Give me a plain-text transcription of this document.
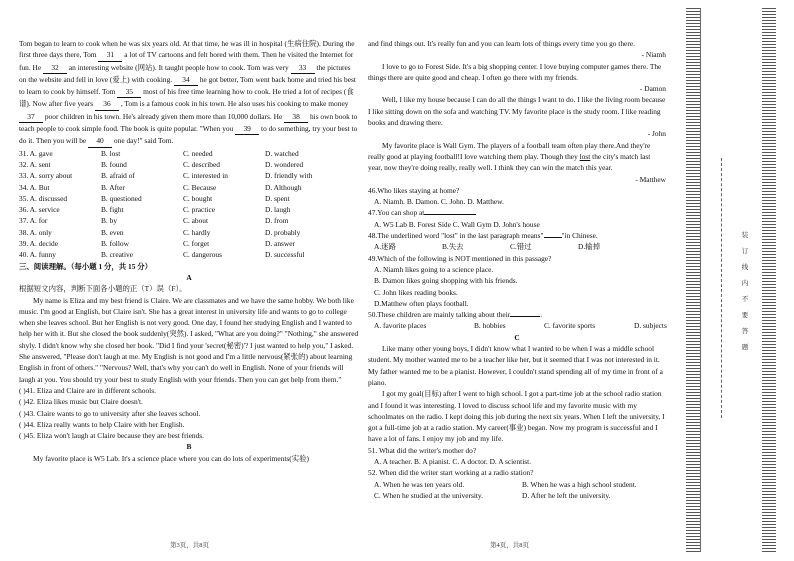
Tom began to learn to cook when he was six years old. At that time, he was ill in hospital (生病住院). During the first three days there, Tom 31 a lot of TV cartoons and felt bored with them. Then he visited the Internet for fun. He 32 an interesting website (网站). It taught people how to cook. Tom was very 33 the pictures on the website and fell in love (爱上) with cooking. 34 he got better, Tom went back home and tried his best to learn to cook by himself. Tom 35 most of his free time learning how to cook. He tried a lot of recipes (食谱). Now after five years 36 , Tom is a famous cook in his town. He also uses his cooking to make money 37 poor children in his town. He's already given them more than 10,000 dollars. He 38 his own book to teach people to cook simple food. The book is quite popular. "When you 39 to do something, try your best to do it. Then you will be 40 one day!" said Tom.

31. A. gave	B. lost	C. needed	D. watched
32. A. sent	B. found	C. described	D. wondered
33. A. sorry about	B. afraid of	C. interested in	D. friendly with
34. A. But	B. After	C. Because	D. Although
35. A. discussed	B. questioned	C. bought	D. spent
36. A. service	B. fight	C. practice	D. laugh
37. A. for	B. by	C. about	D. from
38. A. only	B. even	C. hardly	D. probably
39. A. decide	B. follow	C. forget	D. answer
40. A. funny	B. creative	C. dangerous	D. successful

三、阅读理解。（每小题 1 分，共 15 分）

A

根据短文内容，判断下面各小题的正（T）误（F）。

My name is Eliza and my best friend is Claire. We are classmates and we have the same hobby. We both like music. I'm good at English, but Claire isn't. She has a great interest in university life and wants to go to college when she leaves school. But her English is not very good. One day, I found her studying English and I wanted to help her with it. But she closed the book suddenly(突然). I asked, "What are you doing?" "Nothing," she answered shyly. I didn't know why she closed her book. "Did I find your 'secret(秘密)'? I just wanted to help you," I asked. She answered, "Please don't laugh at me. My English is not good and I'm a little nervous(紧张的) about learning English in front of others." "Nervous? Well, that's why you can't do well in English. None of your friends will laugh at you. You should try your best to study English with your friends. Then you can get help from them."

( )41. Eliza and Claire are in different schools.

( )42. Eliza likes music but Claire doesn't.

( )43. Claire wants to go to university after she leaves school.

( )44. Eliza really wants to help Claire with her English.

( )45. Eliza won't laugh at Claire because they are best friends.

B

My favorite place is W5 Lab. It's a science place where you can do lots of experiments(实验)

第3页，共8页

and find things out. It's really fun and you can learn lots of things every time you go there.

- Niamh

I love to go to Forest Side. It's a big shopping center. I love buying computer games there. The things there are quite good and cheap. I often go there with my friends.

- Damon

Well, I like my house because I can do all the things I want to do. I like the living room because I like sitting down on the sofa and watching TV. My favorite place is the study room. I like reading books and drawing there.

- John

My favorite place is Wall Gym. The players of a football team often play there.And they're really good at playing football!I love watching them play. Though they lost the city's match last year, now they're doing really, really well. I think they can win the match this year.

- Matthew

46.Who likes staying at home?

A. Niamh. B. Damon. C. John. D. Matthew.

47.You can shop at

A. W5 Lab B. Forest Side C. Wall Gym D. John's house

48.The underlined word "lost" in the last paragraph means" "in Chinese.

A.迷路	B.失去	C.错过	D.输掉

49.Which of the following is NOT mentioned in this passage?

A. Niamh likes going to a science place.

B. Damon likes going shopping with his friends.

C. John likes reading books.

D.Matthew often plays football.

50.These children are mainly talking about their	.

A. favorite places	B. hobbies	C. favorite sports	D. subjects

C

Like many other young boys, I didn't know what I wanted to be when I was a middle school student. My mother wanted me to be a teacher like her, but it seemed that I was not interested in it. My father wanted me to be a pianist. However, I couldn't stand spending all of my time in front of a piano.

I got my goal(目标) after I went to high school. I got a part-time job at the school radio station and I found it was interesting. I loved to discuss school life and my favorite music with my schoolmates on the radio. I kept doing this job during the next six years. When I left the university, I got a full-time job at a radio station. My career(事业) began. Now my program is successful and I have a lot of fans. I enjoy my job and my life.

51. What did the writer's mother do?

A. A teacher. B. A pianist. C. A doctor. D. A scientist.

52. When did the writer start working at a radio station?

A. When he was ten years old.	B. When he was a high school student.
C. When he studied at the university.	D. After he left the university.
第4页，共8页
装
订
线
内
不
要
答
题
